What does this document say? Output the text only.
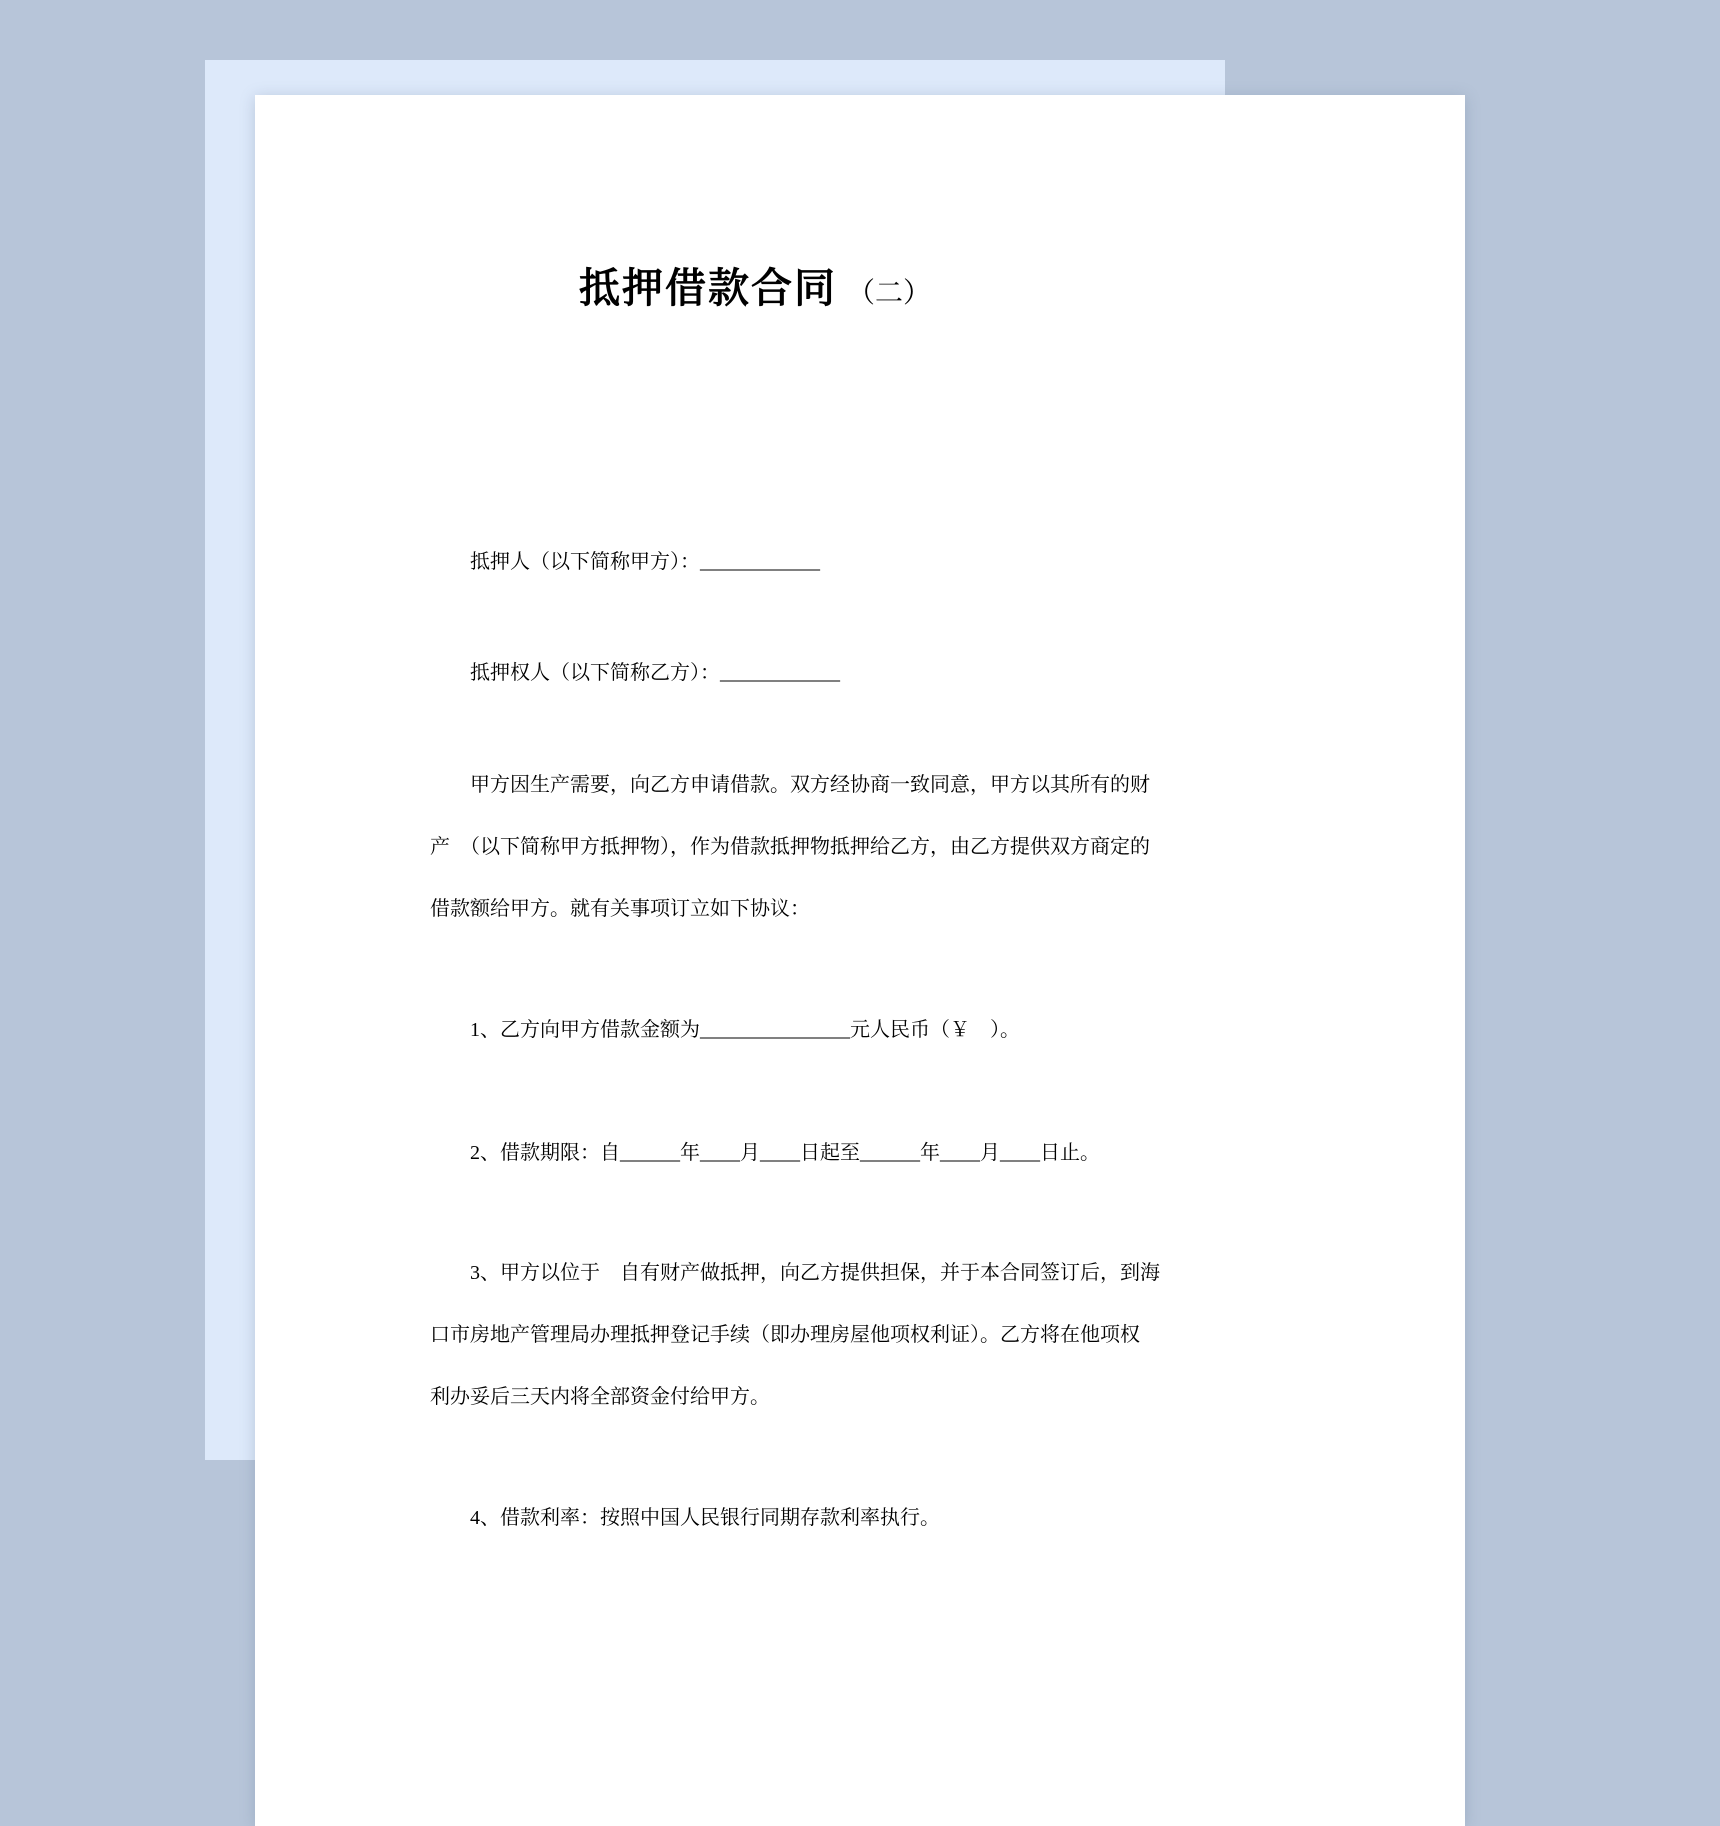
抵押借款合同 （二）
抵押人（以下简称甲方）：____________
抵押权人（以下简称乙方）：____________
甲方因生产需要，向乙方申请借款。双方经协商一致同意，甲方以其所有的财
产　（以下简称甲方抵押物），作为借款抵押物抵押给乙方，由乙方提供双方商定的
借款额给甲方。就有关事项订立如下协议：
1、乙方向甲方借款金额为_______________元人民币（￥　）。
2、借款期限：自______年____月____日起至______年____月____日止。
3、甲方以位于　自有财产做抵押，向乙方提供担保，并于本合同签订后，到海
口市房地产管理局办理抵押登记手续（即办理房屋他项权利证）。乙方将在他项权
利办妥后三天内将全部资金付给甲方。
4、借款利率：按照中国人民银行同期存款利率执行。
